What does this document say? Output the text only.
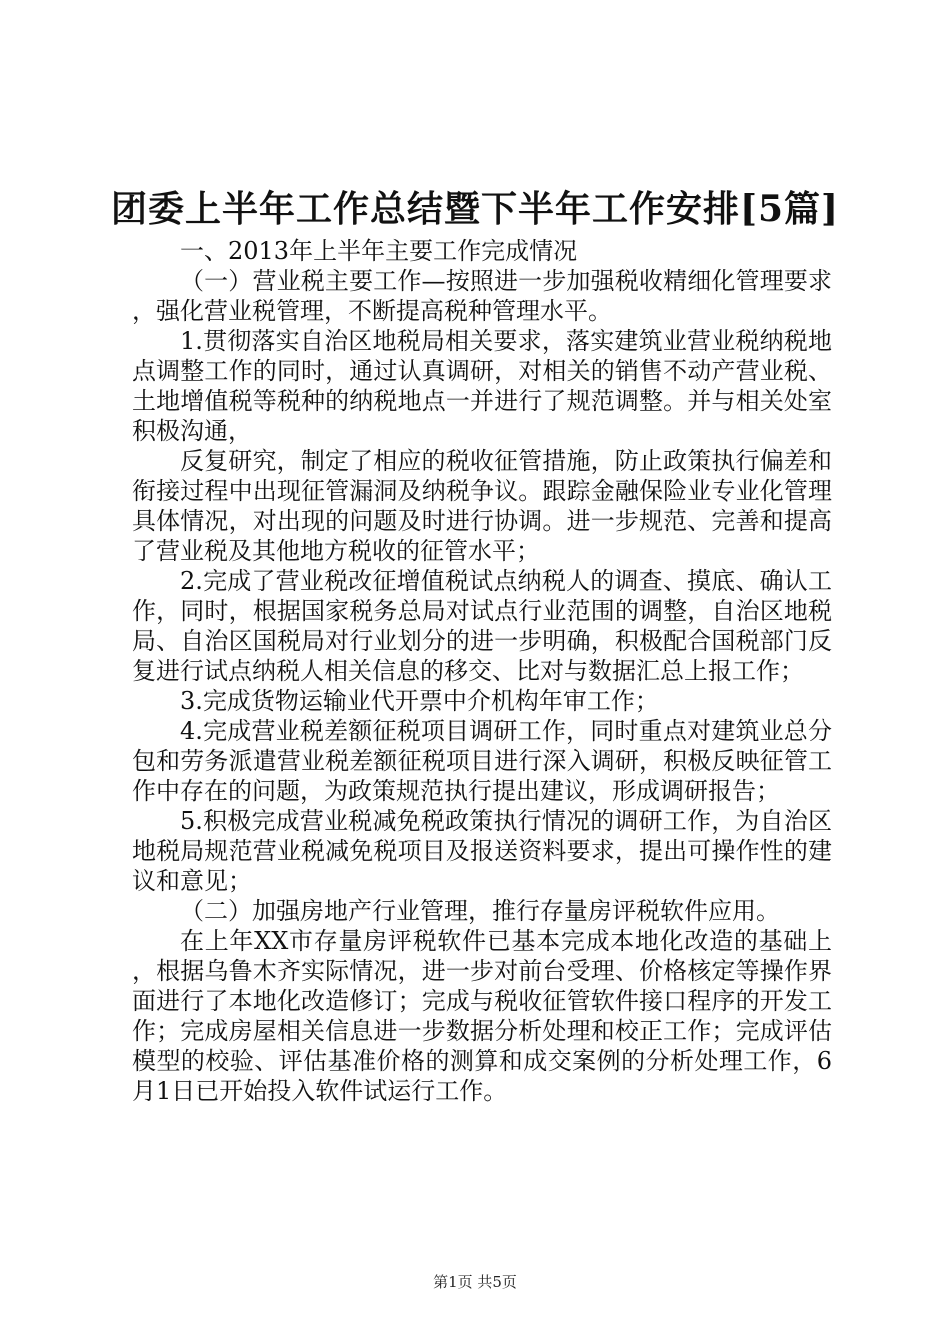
团委上半年工作总结暨下半年工作安排[5篇]

一、2013年上半年主要工作完成情况

（一）营业税主要工作—按照进一步加强税收精细化管理要求，强化营业税管理，不断提高税种管理水平。

1.贯彻落实自治区地税局相关要求，落实建筑业营业税纳税地点调整工作的同时，通过认真调研，对相关的销售不动产营业税、土地增值税等税种的纳税地点一并进行了规范调整。并与相关处室积极沟通，

反复研究，制定了相应的税收征管措施，防止政策执行偏差和衔接过程中出现征管漏洞及纳税争议。跟踪金融保险业专业化管理具体情况，对出现的问题及时进行协调。进一步规范、完善和提高了营业税及其他地方税收的征管水平；

2.完成了营业税改征增值税试点纳税人的调查、摸底、确认工作，同时，根据国家税务总局对试点行业范围的调整，自治区地税局、自治区国税局对行业划分的进一步明确，积极配合国税部门反复进行试点纳税人相关信息的移交、比对与数据汇总上报工作；

3.完成货物运输业代开票中介机构年审工作；

4.完成营业税差额征税项目调研工作，同时重点对建筑业总分包和劳务派遣营业税差额征税项目进行深入调研，积极反映征管工作中存在的问题，为政策规范执行提出建议，形成调研报告；

5.积极完成营业税减免税政策执行情况的调研工作，为自治区地税局规范营业税减免税项目及报送资料要求，提出可操作性的建议和意见；

（二）加强房地产行业管理，推行存量房评税软件应用。

在上年XX市存量房评税软件已基本完成本地化改造的基础上，根据乌鲁木齐实际情况，进一步对前台受理、价格核定等操作界面进行了本地化改造修订；完成与税收征管软件接口程序的开发工作；完成房屋相关信息进一步数据分析处理和校正工作；完成评估模型的校验、评估基准价格的测算和成交案例的分析处理工作，6月1日已开始投入软件试运行工作。

第1页 共5页
